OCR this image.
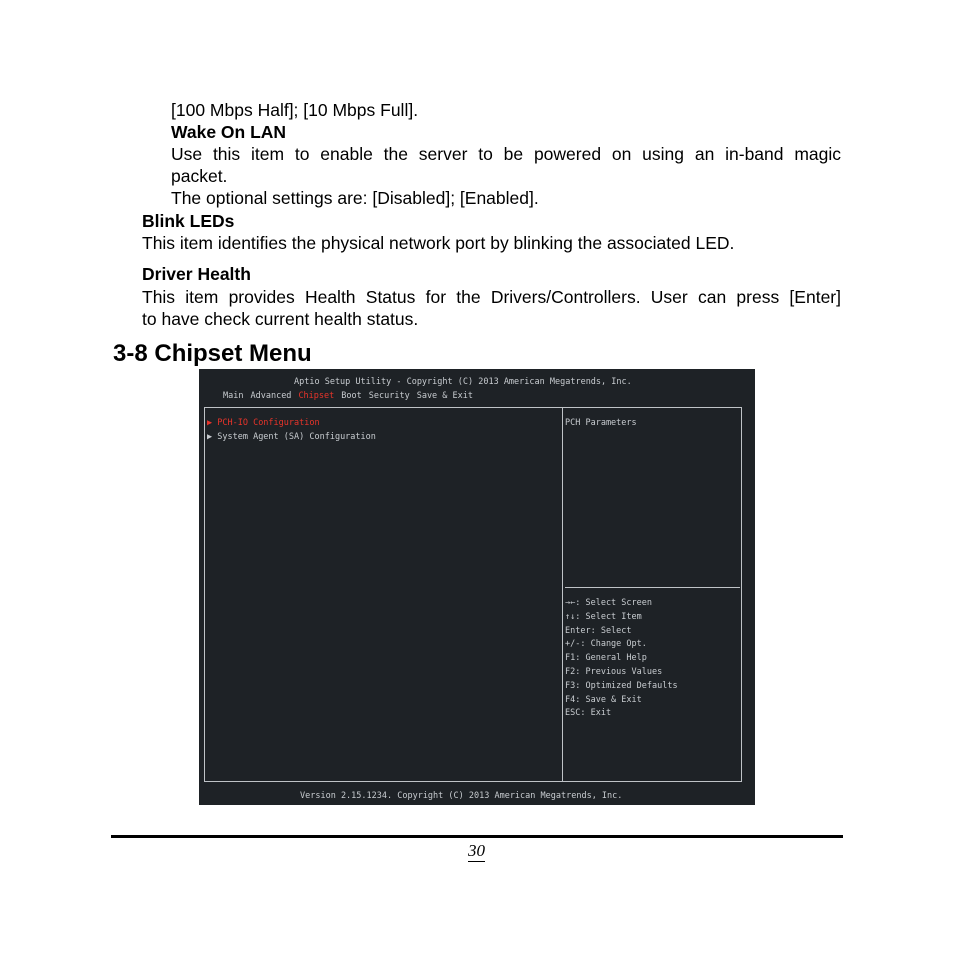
[100 Mbps Half]; [10 Mbps Full].
Wake On LAN
Use this item to enable the server to be powered on using an in-band magic
packet.
The optional settings are: [Disabled]; [Enabled].
Blink LEDs
This item identifies the physical network port by blinking the associated LED.
Driver Health
This item provides Health Status for the Drivers/Controllers. User can press [Enter]
to have check current health status.
3-8 Chipset Menu
Aptio Setup Utility - Copyright (C) 2013 American Megatrends, Inc.
Main Advanced Chipset Boot Security Save & Exit
▶ PCH-IO Configuration
▶ System Agent (SA) Configuration
PCH Parameters
→←: Select Screen
↑↓: Select Item
Enter: Select
+/-: Change Opt.
F1: General Help
F2: Previous Values
F3: Optimized Defaults
F4: Save & Exit
ESC: Exit
Version 2.15.1234. Copyright (C) 2013 American Megatrends, Inc.
30
